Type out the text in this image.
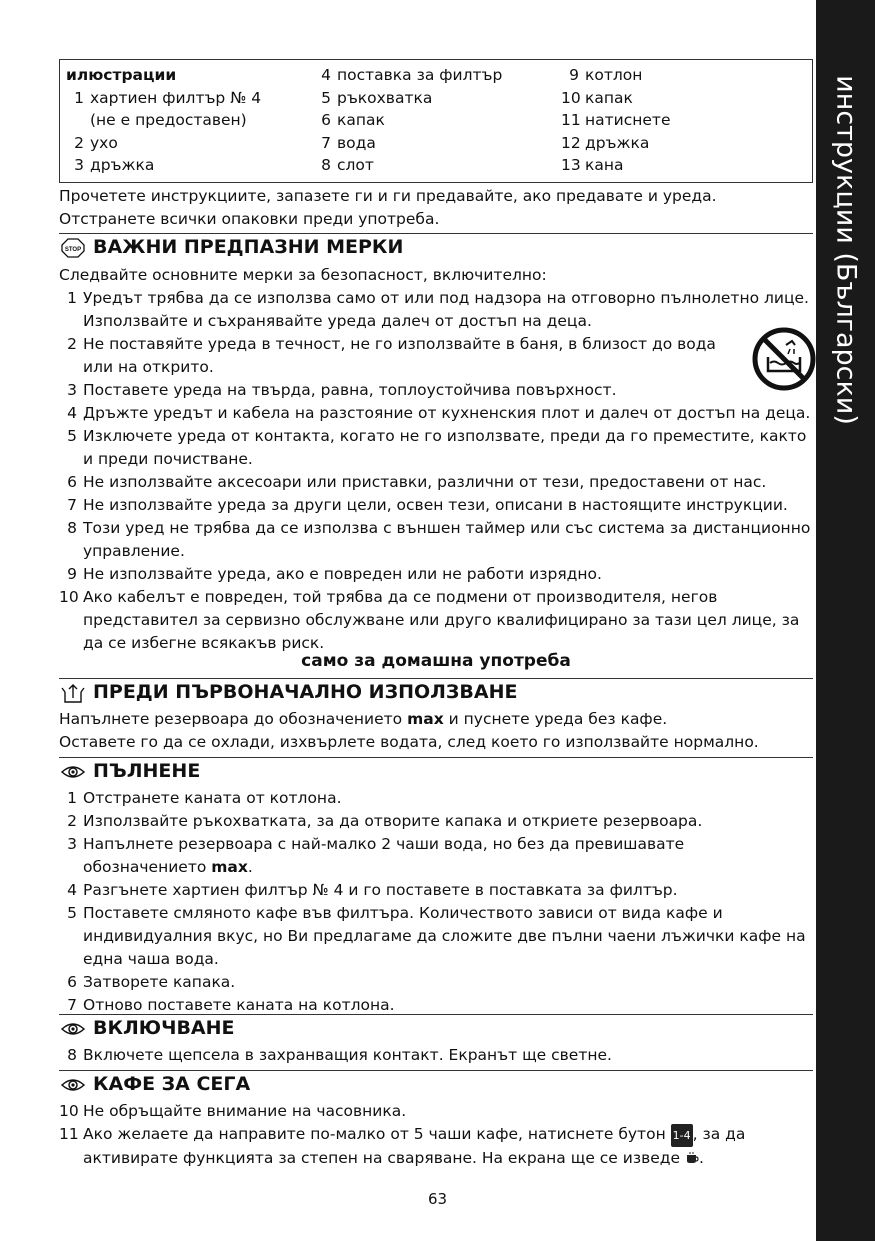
инструкции (Български)
илюстрации
1 хартиен филтър № 4
(не е предоставен)
2 ухо
3 дръжка
4 поставка за филтър
5 ръкохватка
6 капак
7 вода
8 слот
9 котлон
10 капак
11 натиснете
12 дръжка
13 кана
Прочетете инструкциите, запазете ги и ги предавайте, ако предавате и уреда.
Отстранете всички опаковки преди употреба.
STOP ВАЖНИ ПРЕДПАЗНИ МЕРКИ
Следвайте основните мерки за безопасност, включително:
1 Уредът трябва да се използва само от или под надзора на отговорно пълнолетно лице. Използвайте и съхранявайте уреда далеч от достъп на деца.
2 Не поставяйте уреда в течност, не го използвайте в баня, в близост до вода или на открито.
3 Поставете уреда на твърда, равна, топлоустойчива повърхност.
4 Дръжте уредът и кабела на разстояние от кухненския плот и далеч от достъп на деца.
5 Изключете уреда от контакта, когато не го използвате, преди да го преместите, както и преди почистване.
6 Не използвайте аксесоари или приставки, различни от тези, предоставени от нас.
7 Не използвайте уреда за други цели, освен тези, описани в настоящите инструкции.
8 Този уред не трябва да се използва с външен таймер или със система за дистанционно управление.
9 Не използвайте уреда, ако е повреден или не работи изрядно.
10 Ако кабелът е повреден, той трябва да се подмени от производителя, негов представител за сервизно обслужване или друго квалифицирано за тази цел лице, за да се избегне всякакъв риск.
само за домашна употреба
ПРЕДИ ПЪРВОНАЧАЛНО ИЗПОЛЗВАНЕ
Напълнете резервоара до обозначението max и пуснете уреда без кафе.
Оставете го да се охлади, изхвърлете водата, след което го използвайте нормално.
ПЪЛНЕНЕ
1 Отстранете каната от котлона.
2 Използвайте ръкохватката, за да отворите капака и откриете резервоара.
3 Напълнете резервоара с най-малко 2 чаши вода, но без да превишавате обозначението max.
4 Разгънете хартиен филтър № 4 и го поставете в поставката за филтър.
5 Поставете смляното кафе във филтъра. Количеството зависи от вида кафе и индивидуалния вкус, но Ви предлагаме да сложите две пълни чаени лъжички кафе на една чаша вода.
6 Затворете капака.
7 Отново поставете каната на котлона.
ВКЛЮЧВАНЕ
8 Включете щепсела в захранващия контакт. Екранът ще светне.
КАФЕ ЗА СЕГА
10 Не обръщайте внимание на часовника.
11 Ако желаете да направите по-малко от 5 чаши кафе, натиснете бутон 1-4 , за да активирате функцията за степен на сваряване. На екрана ще се изведе .
63
